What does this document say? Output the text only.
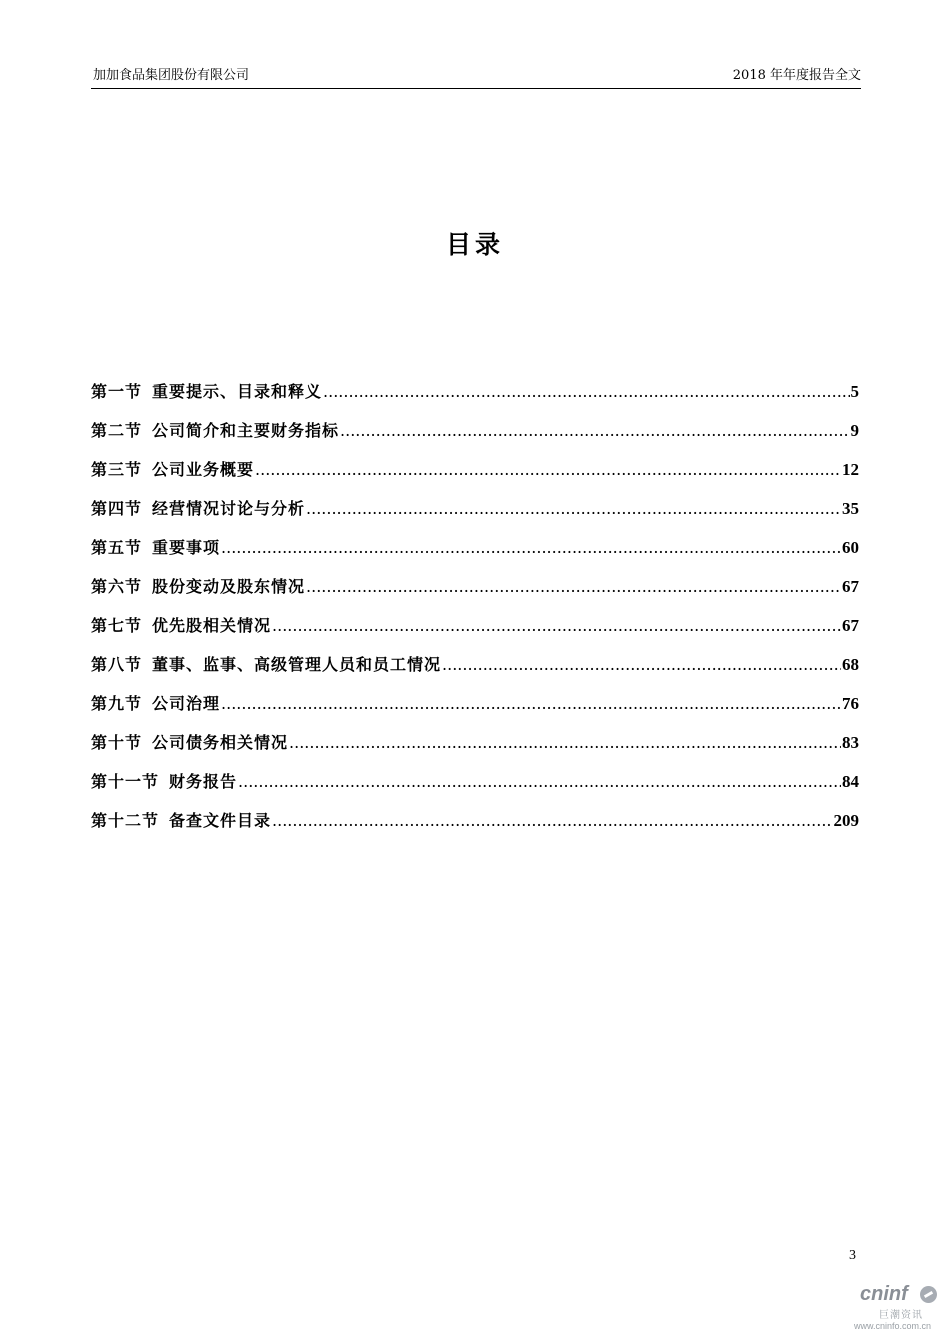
加加食品集团股份有限公司	2018 年年度报告全文
目录
第一节 重要提示、目录和释义 .....	5
第二节 公司简介和主要财务指标 .....	9
第三节 公司业务概要 .....	12
第四节 经营情况讨论与分析 .....	35
第五节 重要事项 .....	60
第六节 股份变动及股东情况 .....	67
第七节 优先股相关情况 .....	67
第八节 董事、监事、高级管理人员和员工情况 .....	68
第九节 公司治理 .....	76
第十节 公司债务相关情况 .....	83
第十一节 财务报告 .....	84
第十二节 备查文件目录 .....	209
3
cninf
巨潮资讯
www.cninfo.com.cn
